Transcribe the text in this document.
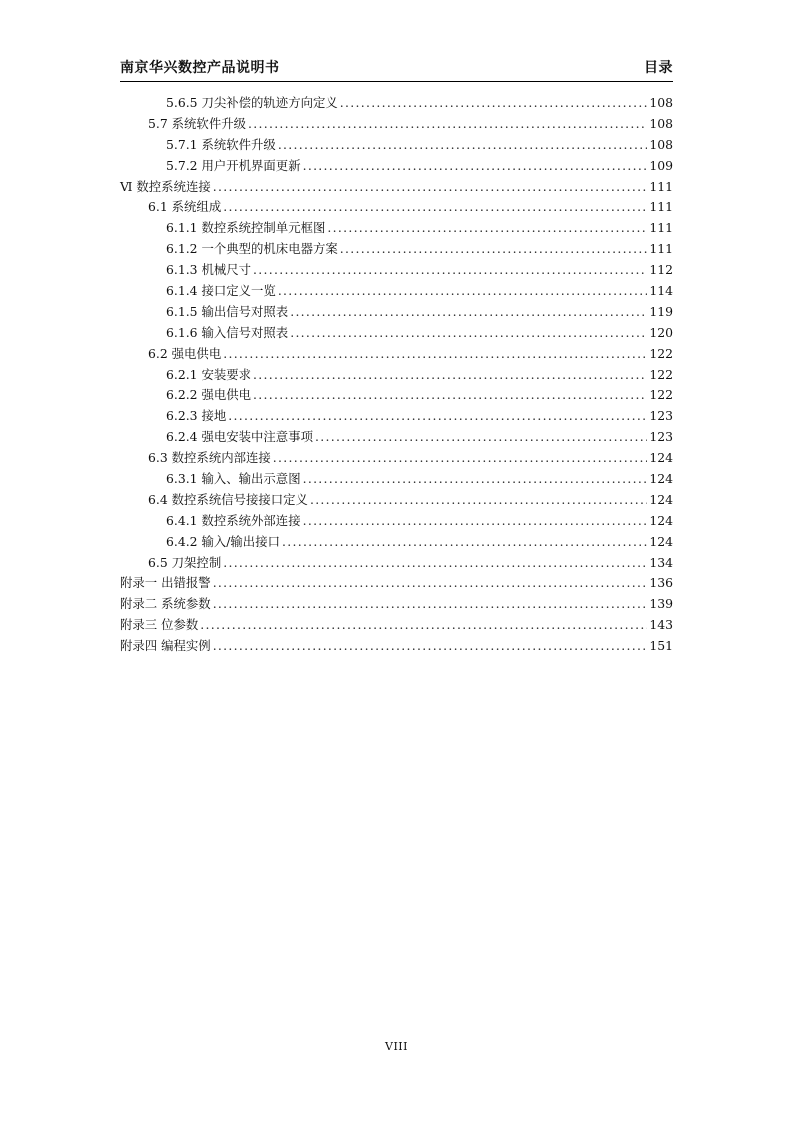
南京华兴数控产品说明书	目录
5.6.5 刀尖补偿的轨迹方向定义 .....	108
5.7 系统软件升级 .....	108
5.7.1 系统软件升级 .....	108
5.7.2 用户开机界面更新 .....	109
Ⅵ 数控系统连接 .....	111
6.1 系统组成 .....	111
6.1.1 数控系统控制单元框图 .....	111
6.1.2 一个典型的机床电器方案 .....	111
6.1.3 机械尺寸 .....	112
6.1.4 接口定义一览 .....	114
6.1.5 输出信号对照表 .....	119
6.1.6 输入信号对照表 .....	120
6.2 强电供电 .....	122
6.2.1 安装要求 .....	122
6.2.2 强电供电 .....	122
6.2.3 接地 .....	123
6.2.4 强电安装中注意事项 .....	123
6.3 数控系统内部连接 .....	124
6.3.1 输入、输出示意图 .....	124
6.4 数控系统信号接接口定义 .....	124
6.4.1 数控系统外部连接 .....	124
6.4.2 输入/输出接口 .....	124
6.5 刀架控制 .....	134
附录一 出错报警 .....	136
附录二 系统参数 .....	139
附录三 位参数 .....	143
附录四 编程实例 .....	151
VIII
